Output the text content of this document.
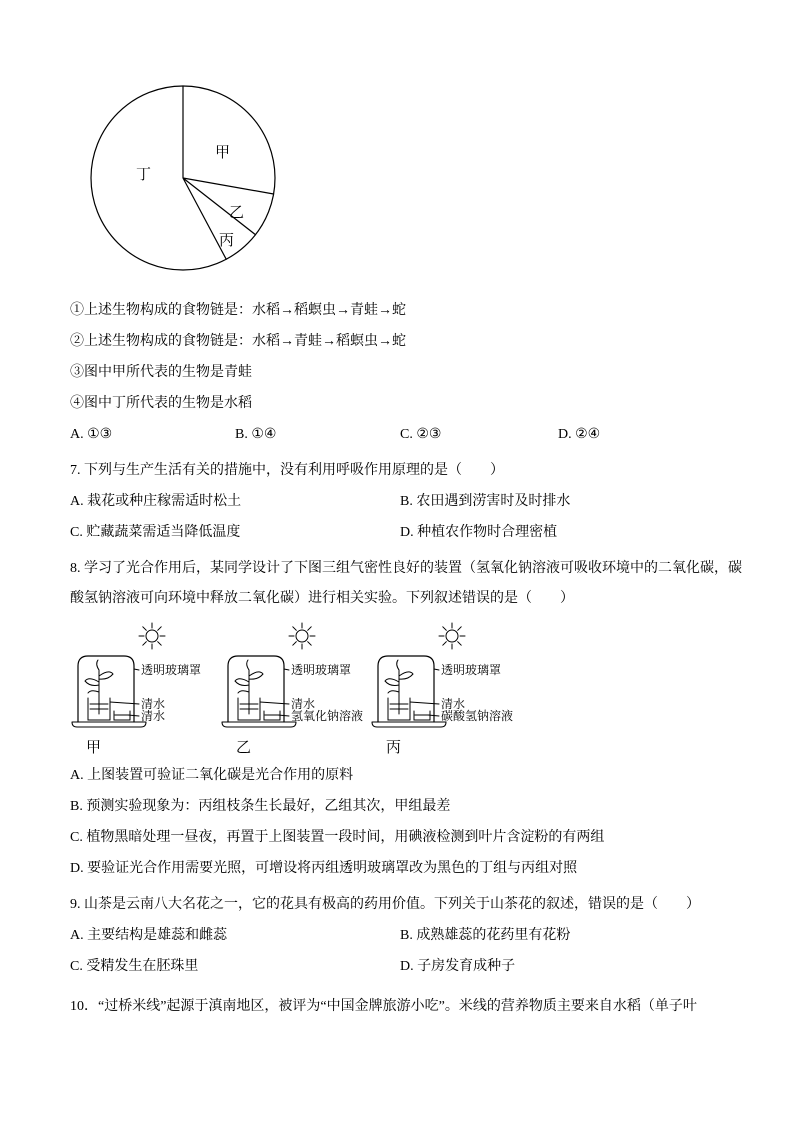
甲
乙
丙
丁
①上述生物构成的食物链是：水稻→稻螟虫→青蛙→蛇
②上述生物构成的食物链是：水稻→青蛙→稻螟虫→蛇
③图中甲所代表的生物是青蛙
④图中丁所代表的生物是水稻
A. ①③	B. ①④	C. ②③	D. ②④
7. 下列与生产生活有关的措施中，没有利用呼吸作用原理的是（　　）
A. 栽花或种庄稼需适时松土	B. 农田遇到涝害时及时排水
C. 贮藏蔬菜需适当降低温度	D. 种植农作物时合理密植
8. 学习了光合作用后，某同学设计了下图三组气密性良好的装置（氢氧化钠溶液可吸收环境中的二氧化碳，碳酸氢钠溶液可向环境中释放二氧化碳）进行相关实验。下列叙述错误的是（　　）
透明玻璃罩
清水
清水
甲
透明玻璃罩
清水
氢氧化钠溶液
乙
透明玻璃罩
清水
碳酸氢钠溶液
丙
A. 上图装置可验证二氧化碳是光合作用的原料
B. 预测实验现象为：丙组枝条生长最好，乙组其次，甲组最差
C. 植物黑暗处理一昼夜，再置于上图装置一段时间，用碘液检测到叶片含淀粉的有两组
D. 要验证光合作用需要光照，可增设将丙组透明玻璃罩改为黑色的丁组与丙组对照
9. 山茶是云南八大名花之一，它的花具有极高的药用价值。下列关于山茶花的叙述，错误的是（　　）
A. 主要结构是雄蕊和雌蕊	B. 成熟雄蕊的花药里有花粉
C. 受精发生在胚珠里	D. 子房发育成种子
10．“过桥米线”起源于滇南地区，被评为“中国金牌旅游小吃”。米线的营养物质主要来自水稻（单子叶
